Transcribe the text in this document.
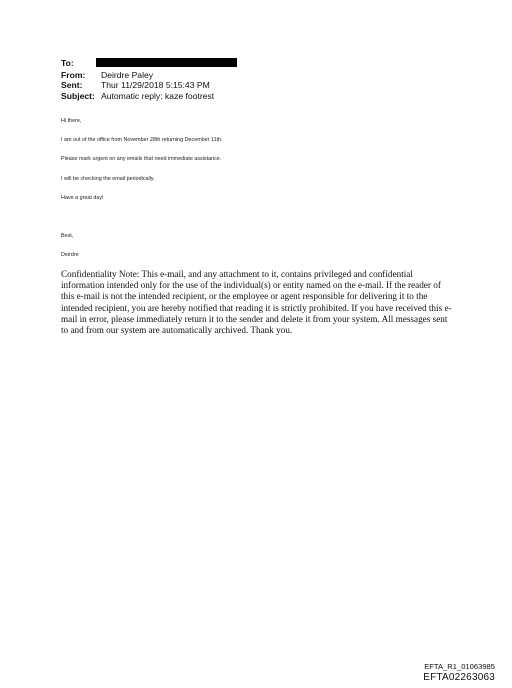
To:
From:	Deirdre Paley
Sent:	Thur 11/29/2018 5:15:43 PM
Subject: Automatic reply: kaze footrest

Hi there,

I am out of the office from November 28th returning December 11th.

Please mark urgent on any emails that need immediate assistance.

I will be checking the email periodically.

Have a great day!

Best,

Deirdre

Confidentiality Note: This e-mail, and any attachment to it, contains privileged and confidential information intended only for the use of the individual(s) or entity named on the e-mail. If the reader of this e-mail is not the intended recipient, or the employee or agent responsible for delivering it to the intended recipient, you are hereby notified that reading it is strictly prohibited. If you have received this e-mail in error, please immediately return it to the sender and delete it from your system. All messages sent to and from our system are automatically archived. Thank you.

EFTA_R1_01063985
EFTA02263063
